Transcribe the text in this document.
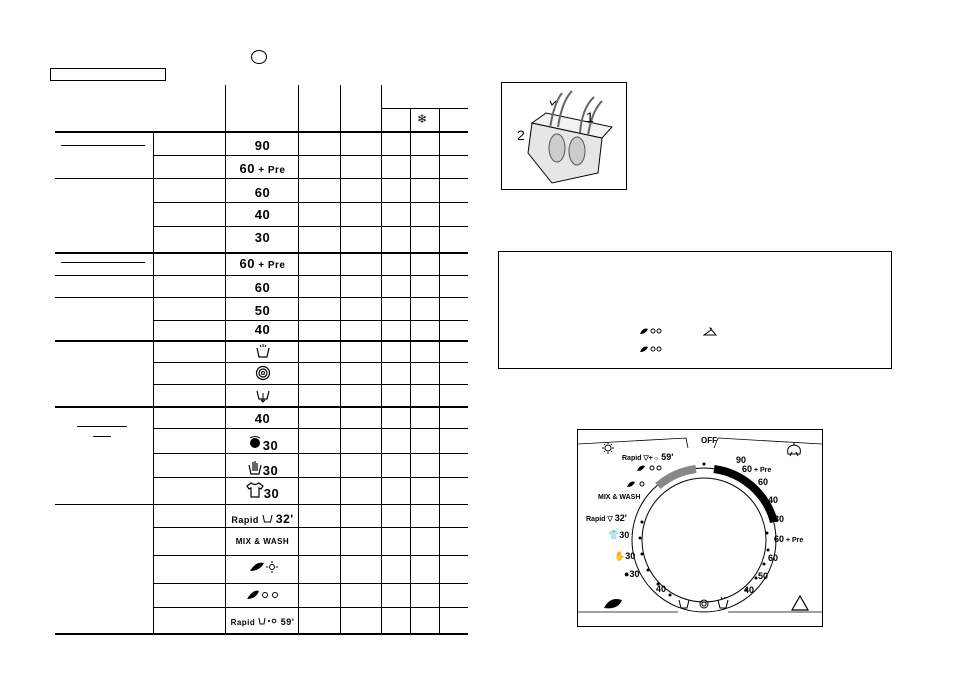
❄
90
60 + Pre
60
40
30
60 + Pre
60
50
40
40
30
30
30
Rapid 32'
MIX & WASH
Rapid	59'
1
2
OFF
90
60 + Pre
60
40
30
60 + Pre
60
50
40
Rapid ▽+☼ 59'
MIX & WASH
Rapid ▽ 32'
👕30
✋30
●30
40
